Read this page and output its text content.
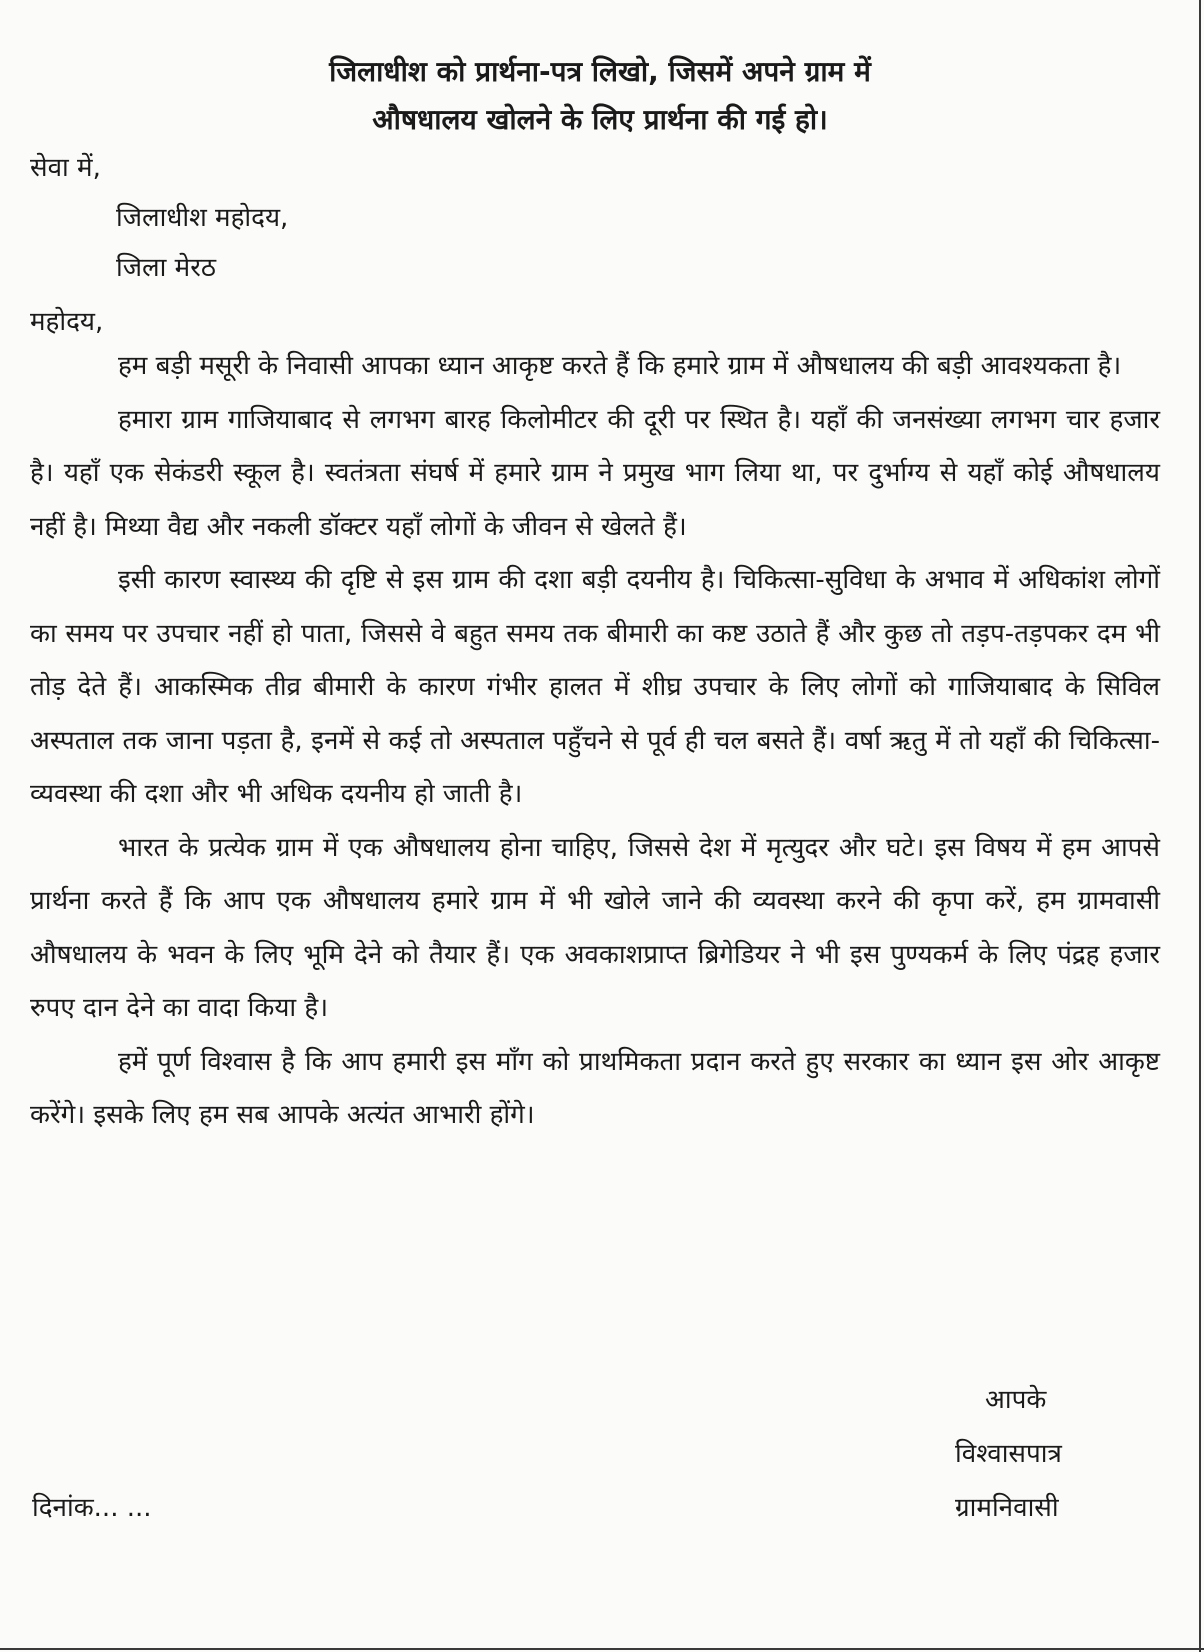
जिलाधीश को प्रार्थना-पत्र लिखो, जिसमें अपने ग्राम में
औषधालय खोलने के लिए प्रार्थना की गई हो।
सेवा में,
जिलाधीश महोदय,
जिला मेरठ
महोदय,

हम बड़ी मसूरी के निवासी आपका ध्यान आकृष्ट करते हैं कि हमारे ग्राम में औषधालय की बड़ी आवश्यकता है।

हमारा ग्राम गाजियाबाद से लगभग बारह किलोमीटर की दूरी पर स्थित है। यहाँ की जनसंख्या लगभग चार हजार है। यहाँ एक सेकंडरी स्कूल है। स्वतंत्रता संघर्ष में हमारे ग्राम ने प्रमुख भाग लिया था, पर दुर्भाग्य से यहाँ कोई औषधालय नहीं है। मिथ्या वैद्य और नकली डॉक्टर यहाँ लोगों के जीवन से खेलते हैं।

इसी कारण स्वास्थ्य की दृष्टि से इस ग्राम की दशा बड़ी दयनीय है। चिकित्सा-सुविधा के अभाव में अधिकांश लोगों का समय पर उपचार नहीं हो पाता, जिससे वे बहुत समय तक बीमारी का कष्ट उठाते हैं और कुछ तो तड़प-तड़पकर दम भी तोड़ देते हैं। आकस्मिक तीव्र बीमारी के कारण गंभीर हालत में शीघ्र उपचार के लिए लोगों को गाजियाबाद के सिविल अस्पताल तक जाना पड़ता है, इनमें से कई तो अस्पताल पहुँचने से पूर्व ही चल बसते हैं। वर्षा ऋतु में तो यहाँ की चिकित्सा-व्यवस्था की दशा और भी अधिक दयनीय हो जाती है।

भारत के प्रत्येक ग्राम में एक औषधालय होना चाहिए, जिससे देश में मृत्युदर और घटे। इस विषय में हम आपसे प्रार्थना करते हैं कि आप एक औषधालय हमारे ग्राम में भी खोले जाने की व्यवस्था करने की कृपा करें, हम ग्रामवासी औषधालय के भवन के लिए भूमि देने को तैयार हैं। एक अवकाशप्राप्त ब्रिगेडियर ने भी इस पुण्यकर्म के लिए पंद्रह हजार रुपए दान देने का वादा किया है।

हमें पूर्ण विश्वास है कि आप हमारी इस माँग को प्राथमिकता प्रदान करते हुए सरकार का ध्यान इस ओर आकृष्ट करेंगे। इसके लिए हम सब आपके अत्यंत आभारी होंगे।

आपके
विश्वासपात्र
ग्रामनिवासी
दिनांक... ...
